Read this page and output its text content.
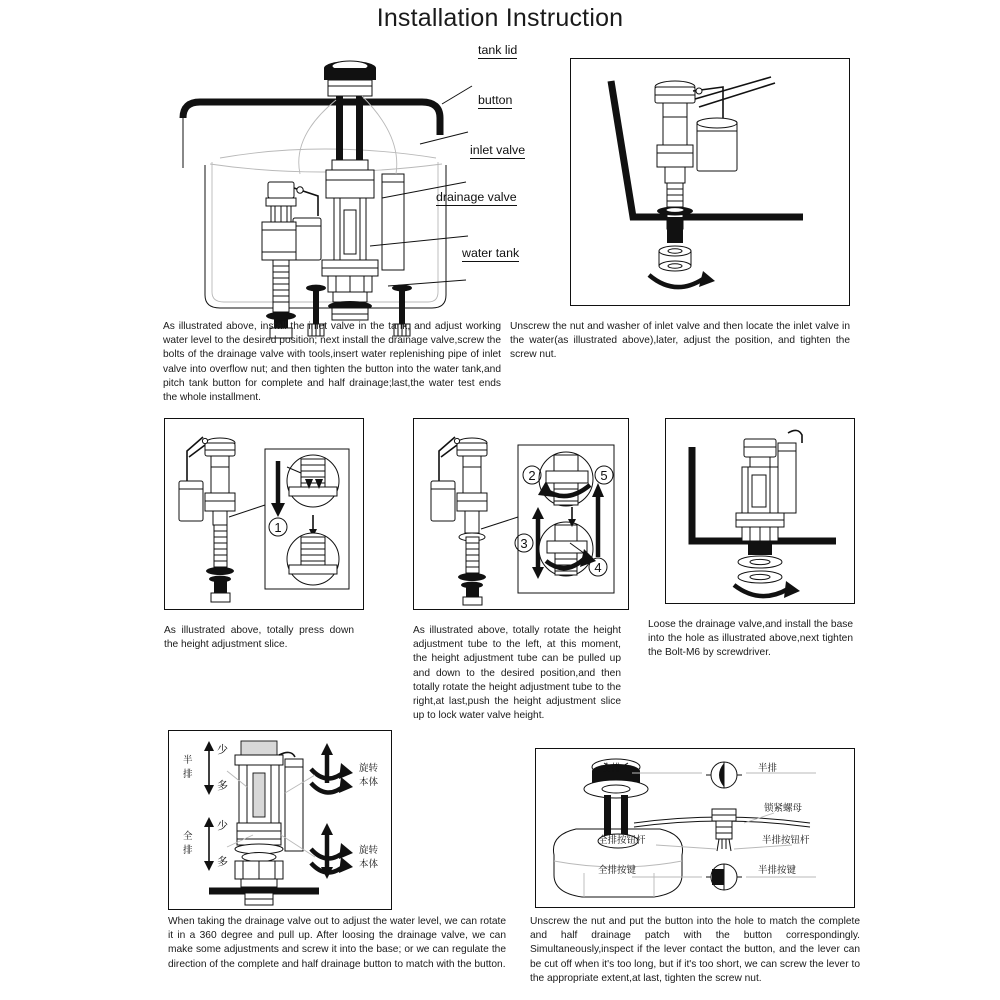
Installation Instruction
tank lid
button
inlet valve
drainage valve
water tank
As illustrated above, install the inlet valve in the tank, and adjust working water level to the desired position; next install the drainage valve,screw the bolts of the drainage valve with tools,insert water replenishing pipe of inlet valve into overflow nut; and then tighten the button into the water tank,and pitch tank button for complete and half drainage;last,the water test ends the whole installment.
Unscrew the nut and washer of inlet valve and then locate the inlet valve in the water(as illustrated above),later, adjust the position, and tighten the screw nut.
1
As illustrated above, totally press down the height adjustment slice.
2
3
4
5
As illustrated above, totally rotate the height adjustment tube to the left, at this moment, the height adjustment tube can be pulled up and down to the desired position,and then totally rotate the height adjustment tube to the right,at last,push the height adjustment slice up to lock water valve height.
Loose the drainage valve,and install the base into the hole as illustrated above,next tighten the Bolt-M6 by screwdriver.
少
多
半
排
少
多
全
排
旋转
本体
旋转
本体
When taking the drainage valve out to adjust the water level, we can rotate it in a 360 degree and pull up. After loosing the drainage valve, we can make some adjustments and screw it into the base; or we can regulate the direction of the complete and half drainage button to match with the button.
全排	半排
锁紧螺母
全排按钮杆	半排按钮杆
全排按键	半排按键
Unscrew the nut and put the button into the hole to match the complete and half drainage patch with the button correspondingly. Simultaneously,inspect if the lever contact the button, and the lever can be cut off when it's too long, but if it's too short, we can screw the lever to the appropriate extent,at last, tighten the screw nut.
